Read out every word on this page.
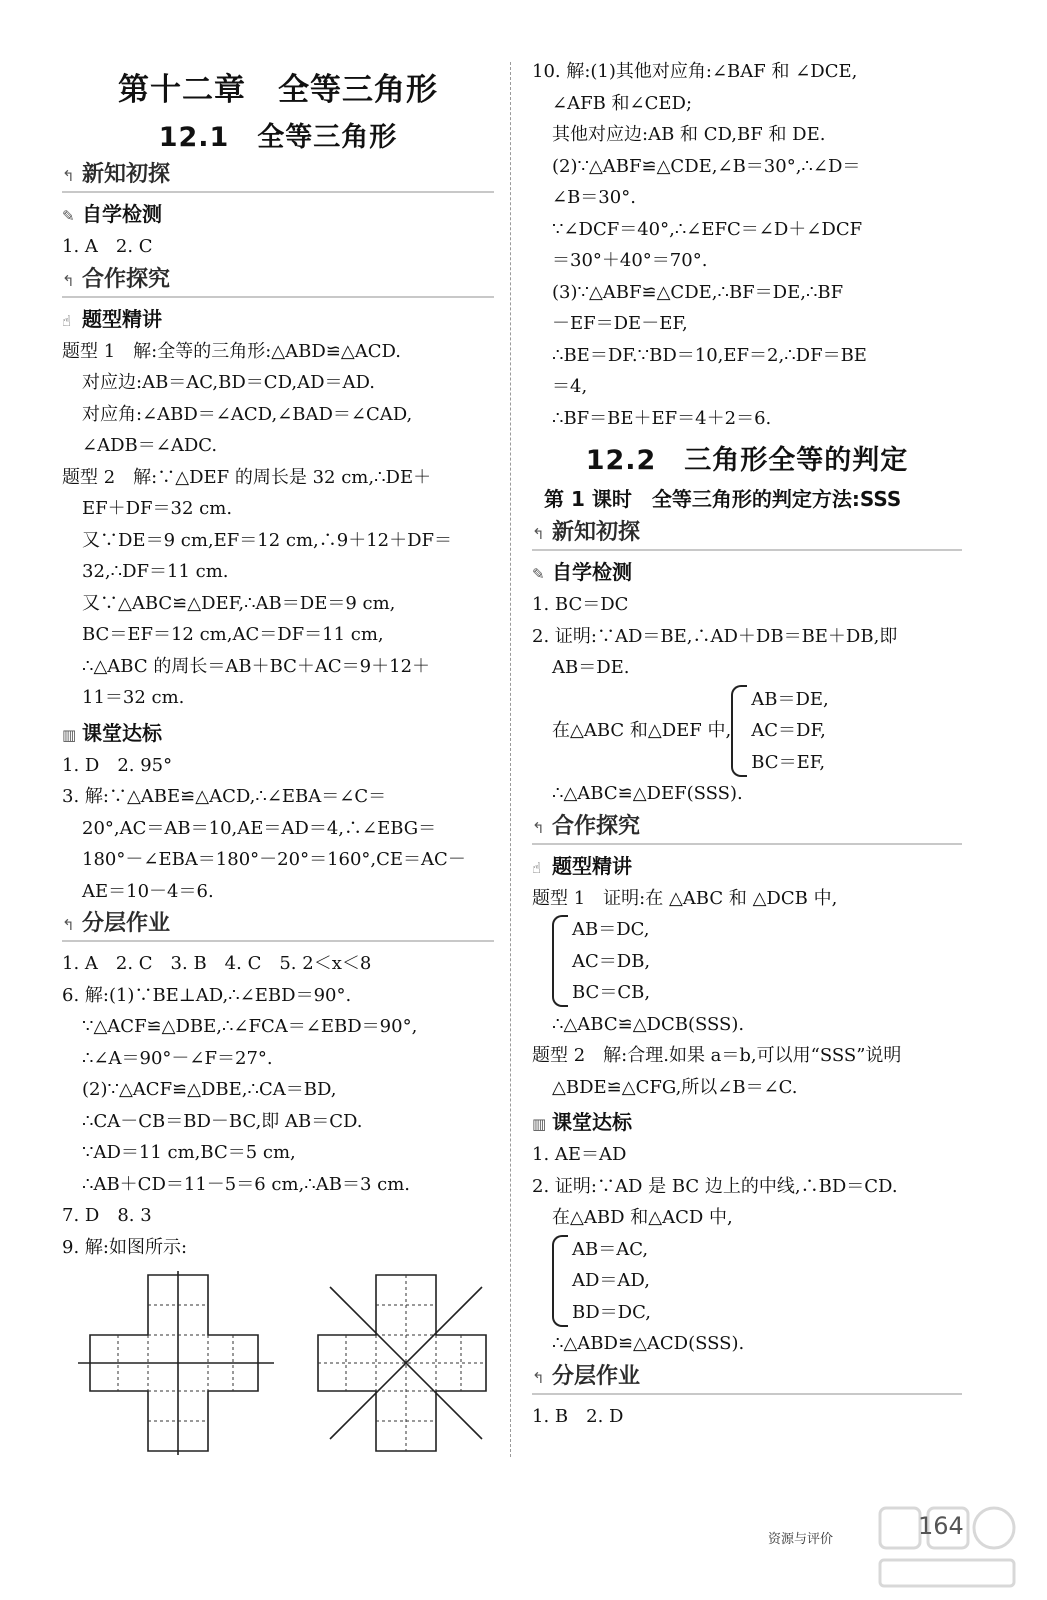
第十二章　全等三角形
12.1　全等三角形
↰ 新知初探
✎ 自学检测
1. A　2. C
↰ 合作探究
☝ 题型精讲
题型 1　解:全等的三角形:△ABD≌△ACD.
对应边:AB＝AC,BD＝CD,AD＝AD.
对应角:∠ABD＝∠ACD,∠BAD＝∠CAD,
∠ADB＝∠ADC.
题型 2　解:∵△DEF 的周长是 32 cm,∴DE＋
EF＋DF＝32 cm.
又∵DE＝9 cm,EF＝12 cm,∴9＋12＋DF＝
32,∴DF＝11 cm.
又∵△ABC≌△DEF,∴AB＝DE＝9 cm,
BC＝EF＝12 cm,AC＝DF＝11 cm,
∴△ABC 的周长＝AB＋BC＋AC＝9＋12＋
11＝32 cm.
▥ 课堂达标
1. D　2. 95°
3. 解:∵△ABE≌△ACD,∴∠EBA＝∠C＝
20°,AC＝AB＝10,AE＝AD＝4,∴∠EBG＝
180°－∠EBA＝180°－20°＝160°,CE＝AC－
AE＝10－4＝6.
↰ 分层作业
1. A　2. C　3. B　4. C　5. 2＜x＜8
6. 解:(1)∵BE⊥AD,∴∠EBD＝90°.
∵△ACF≌△DBE,∴∠FCA＝∠EBD＝90°,
∴∠A＝90°－∠F＝27°.
(2)∵△ACF≌△DBE,∴CA＝BD,
∴CA－CB＝BD－BC,即 AB＝CD.
∵AD＝11 cm,BC＝5 cm,
∴AB＋CD＝11－5＝6 cm,∴AB＝3 cm.
7. D　8. 3
9. 解:如图所示:
10. 解:(1)其他对应角:∠BAF 和 ∠DCE,
∠AFB 和∠CED;
其他对应边:AB 和 CD,BF 和 DE.
(2)∵△ABF≌△CDE,∠B＝30°,∴∠D＝
∠B＝30°.
∵∠DCF＝40°,∴∠EFC＝∠D＋∠DCF
＝30°＋40°＝70°.
(3)∵△ABF≌△CDE,∴BF＝DE,∴BF
－EF＝DE－EF,
∴BE＝DF.∵BD＝10,EF＝2,∴DF＝BE
＝4,
∴BF＝BE＋EF＝4＋2＝6.
12.2　三角形全等的判定
第 1 课时　全等三角形的判定方法:SSS
↰ 新知初探
✎ 自学检测
1. BC＝DC
2. 证明:∵AD＝BE,∴AD＋DB＝BE＋DB,即
AB＝DE.
在△ABC 和△DEF 中,
AB＝DE,
AC＝DF,
BC＝EF,
∴△ABC≌△DEF(SSS).
↰ 合作探究
☝ 题型精讲
题型 1　证明:在 △ABC 和 △DCB 中,
AB＝DC,
AC＝DB,
BC＝CB,
∴△ABC≌△DCB(SSS).
题型 2　解:合理.如果 a＝b,可以用“SSS”说明
△BDE≌△CFG,所以∠B＝∠C.
▥ 课堂达标
1. AE＝AD
2. 证明:∵AD 是 BC 边上的中线,∴BD＝CD.
在△ABD 和△ACD 中,
AB＝AC,
AD＝AD,
BD＝DC,
∴△ABD≌△ACD(SSS).
↰ 分层作业
1. B　2. D
资源与评价	164
